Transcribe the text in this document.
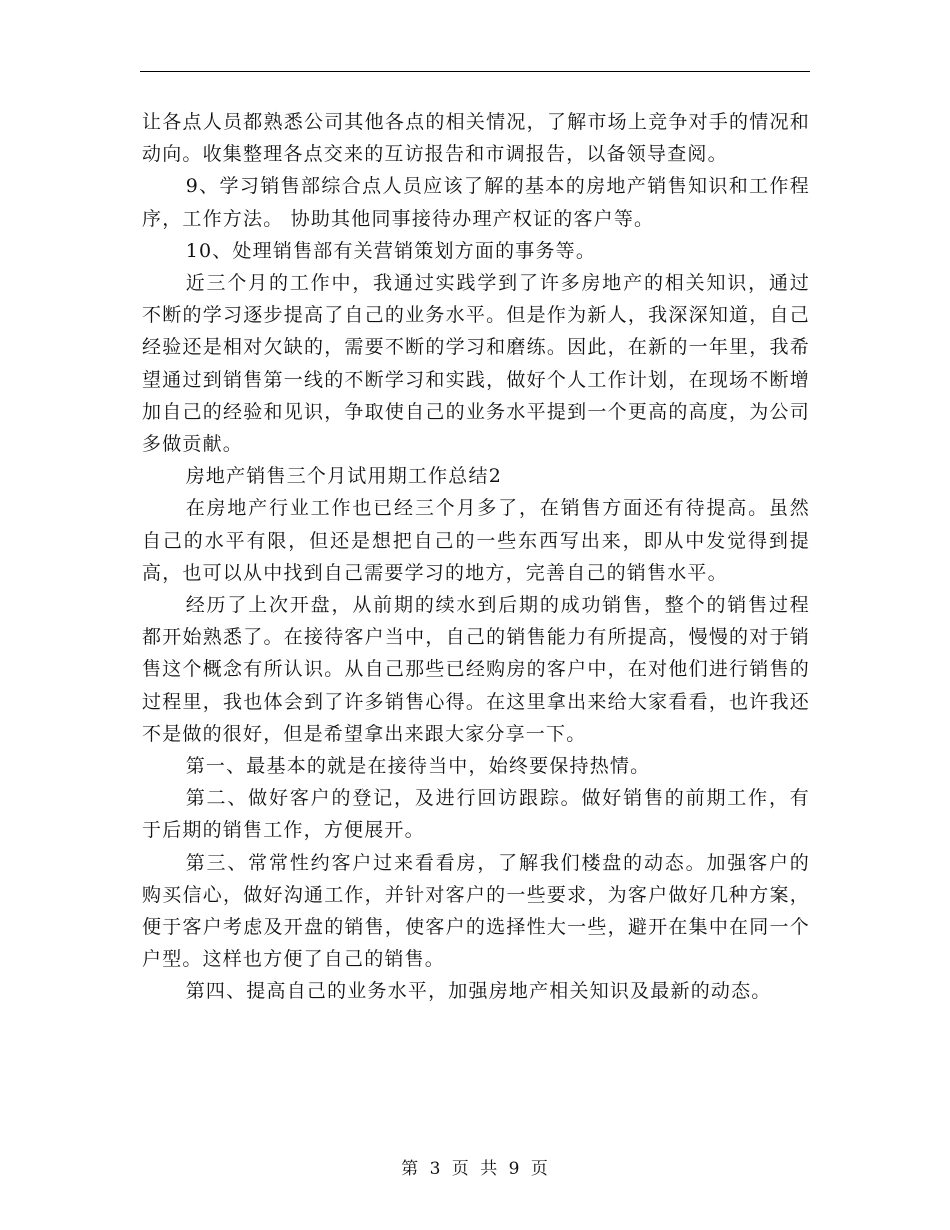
让各点人员都熟悉公司其他各点的相关情况，了解市场上竞争对手的情况和动向。收集整理各点交来的互访报告和市调报告，以备领导查阅。

9、学习销售部综合点人员应该了解的基本的房地产销售知识和工作程序，工作方法。 协助其他同事接待办理产权证的客户等。

10、处理销售部有关营销策划方面的事务等。

近三个月的工作中，我通过实践学到了许多房地产的相关知识，通过不断的学习逐步提高了自己的业务水平。但是作为新人，我深深知道，自己经验还是相对欠缺的，需要不断的学习和磨练。因此，在新的一年里，我希望通过到销售第一线的不断学习和实践，做好个人工作计划，在现场不断增加自己的经验和见识，争取使自己的业务水平提到一个更高的高度，为公司多做贡献。

房地产销售三个月试用期工作总结2

在房地产行业工作也已经三个月多了，在销售方面还有待提高。虽然自己的水平有限，但还是想把自己的一些东西写出来，即从中发觉得到提高，也可以从中找到自己需要学习的地方，完善自己的销售水平。

经历了上次开盘，从前期的续水到后期的成功销售，整个的销售过程都开始熟悉了。在接待客户当中，自己的销售能力有所提高，慢慢的对于销售这个概念有所认识。从自己那些已经购房的客户中，在对他们进行销售的过程里，我也体会到了许多销售心得。在这里拿出来给大家看看，也许我还不是做的很好，但是希望拿出来跟大家分享一下。

第一、最基本的就是在接待当中，始终要保持热情。

第二、做好客户的登记，及进行回访跟踪。做好销售的前期工作，有于后期的销售工作，方便展开。

第三、常常性约客户过来看看房，了解我们楼盘的动态。加强客户的购买信心，做好沟通工作，并针对客户的一些要求，为客户做好几种方案，便于客户考虑及开盘的销售，使客户的选择性大一些，避开在集中在同一个户型。这样也方便了自己的销售。

第四、提高自己的业务水平，加强房地产相关知识及最新的动态。

第 3 页 共 9 页
